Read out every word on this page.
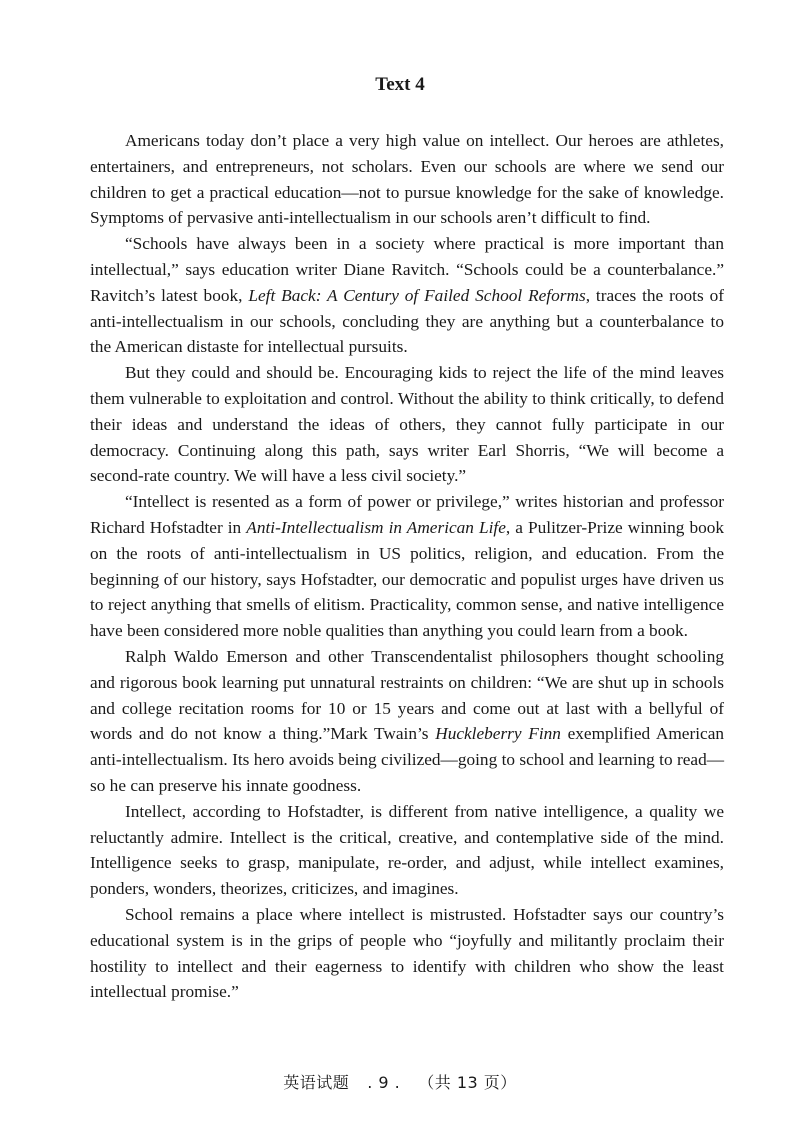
Text 4

Americans today don’t place a very high value on intellect. Our heroes are athletes, entertainers, and entrepreneurs, not scholars. Even our schools are where we send our children to get a practical education—not to pursue knowledge for the sake of knowledge. Symptoms of pervasive anti-intellectualism in our schools aren’t difficult to find.

“Schools have always been in a society where practical is more important than intellectual,” says education writer Diane Ravitch. “Schools could be a counterbalance.” Ravitch’s latest book, Left Back: A Century of Failed School Reforms, traces the roots of anti-intellectualism in our schools, concluding they are anything but a counterbalance to the American distaste for intellectual pursuits.

But they could and should be. Encouraging kids to reject the life of the mind leaves them vulnerable to exploitation and control. Without the ability to think critically, to defend their ideas and understand the ideas of others, they cannot fully participate in our democracy. Continuing along this path, says writer Earl Shorris, “We will become a second-rate country. We will have a less civil society.”

“Intellect is resented as a form of power or privilege,” writes historian and professor Richard Hofstadter in Anti-Intellectualism in American Life, a Pulitzer-Prize winning book on the roots of anti-intellectualism in US politics, religion, and education. From the beginning of our history, says Hofstadter, our democratic and populist urges have driven us to reject anything that smells of elitism. Practicality, common sense, and native intelligence have been considered more noble qualities than anything you could learn from a book.

Ralph Waldo Emerson and other Transcendentalist philosophers thought schooling and rigorous book learning put unnatural restraints on children: “We are shut up in schools and college recitation rooms for 10 or 15 years and come out at last with a bellyful of words and do not know a thing.”Mark Twain’s Huckleberry Finn exemplified American anti-intellectualism. Its hero avoids being civilized—going to school and learning to read—so he can preserve his innate goodness.

Intellect, according to Hofstadter, is different from native intelligence, a quality we reluctantly admire. Intellect is the critical, creative, and contemplative side of the mind. Intelligence seeks to grasp, manipulate, re-order, and adjust, while intellect examines, ponders, wonders, theorizes, criticizes, and imagines.

School remains a place where intellect is mistrusted. Hofstadter says our country’s educational system is in the grips of people who “joyfully and militantly proclaim their hostility to intellect and their eagerness to identify with children who show the least intellectual promise.”

英语试题 . 9 . （共 13 页）
